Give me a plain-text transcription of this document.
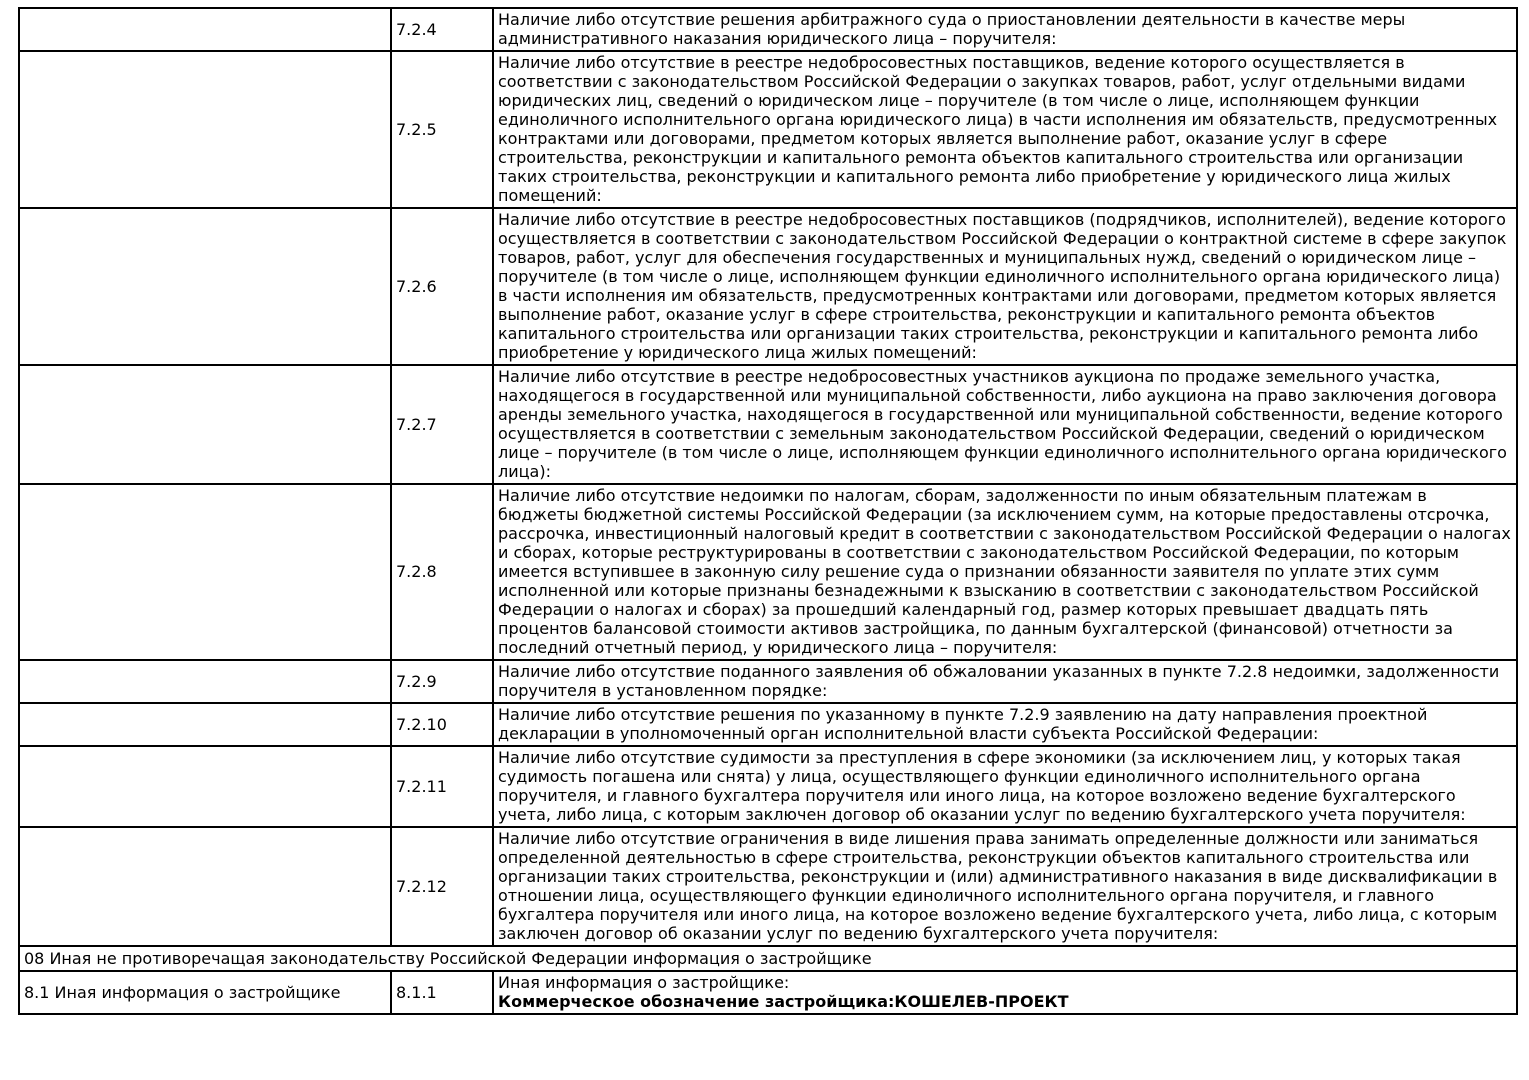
	7.2.4	Наличие либо отсутствие решения арбитражного суда о приостановлении деятельности в качестве меры административного наказания юридического лица – поручителя:
	7.2.5	Наличие либо отсутствие в реестре недобросовестных поставщиков, ведение которого осуществляется в соответствии с законодательством Российской Федерации о закупках товаров, работ, услуг отдельными видами юридических лиц, сведений о юридическом лице – поручителе (в том числе о лице, исполняющем функции единоличного исполнительного органа юридического лица) в части исполнения им обязательств, предусмотренных контрактами или договорами, предметом которых является выполнение работ, оказание услуг в сфере строительства, реконструкции и капитального ремонта объектов капитального строительства или организации таких строительства, реконструкции и капитального ремонта либо приобретение у юридического лица жилых помещений:
	7.2.6	Наличие либо отсутствие в реестре недобросовестных поставщиков (подрядчиков, исполнителей), ведение которого осуществляется в соответствии с законодательством Российской Федерации о контрактной системе в сфере закупок товаров, работ, услуг для обеспечения государственных и муниципальных нужд, сведений о юридическом лице – поручителе (в том числе о лице, исполняющем функции единоличного исполнительного органа юридического лица) в части исполнения им обязательств, предусмотренных контрактами или договорами, предметом которых является выполнение работ, оказание услуг в сфере строительства, реконструкции и капитального ремонта объектов капитального строительства или организации таких строительства, реконструкции и капитального ремонта либо приобретение у юридического лица жилых помещений:
	7.2.7	Наличие либо отсутствие в реестре недобросовестных участников аукциона по продаже земельного участка, находящегося в государственной или муниципальной собственности, либо аукциона на право заключения договора аренды земельного участка, находящегося в государственной или муниципальной собственности, ведение которого осуществляется в соответствии с земельным законодательством Российской Федерации, сведений о юридическом лице – поручителе (в том числе о лице, исполняющем функции единоличного исполнительного органа юридического лица):
	7.2.8	Наличие либо отсутствие недоимки по налогам, сборам, задолженности по иным обязательным платежам в бюджеты бюджетной системы Российской Федерации (за исключением сумм, на которые предоставлены отсрочка, рассрочка, инвестиционный налоговый кредит в соответствии с законодательством Российской Федерации о налогах и сборах, которые реструктурированы в соответствии с законодательством Российской Федерации, по которым имеется вступившее в законную силу решение суда о признании обязанности заявителя по уплате этих сумм исполненной или которые признаны безнадежными к взысканию в соответствии с законодательством Российской Федерации о налогах и сборах) за прошедший календарный год, размер которых превышает двадцать пять процентов балансовой стоимости активов застройщика, по данным бухгалтерской (финансовой) отчетности за последний отчетный период, у юридического лица – поручителя:
	7.2.9	Наличие либо отсутствие поданного заявления об обжаловании указанных в пункте 7.2.8 недоимки, задолженности поручителя в установленном порядке:
	7.2.10	Наличие либо отсутствие решения по указанному в пункте 7.2.9 заявлению на дату направления проектной декларации в уполномоченный орган исполнительной власти субъекта Российской Федерации:
	7.2.11	Наличие либо отсутствие судимости за преступления в сфере экономики (за исключением лиц, у которых такая судимость погашена или снята) у лица, осуществляющего функции единоличного исполнительного органа поручителя, и главного бухгалтера поручителя или иного лица, на которое возложено ведение бухгалтерского учета, либо лица, с которым заключен договор об оказании услуг по ведению бухгалтерского учета поручителя:
	7.2.12	Наличие либо отсутствие ограничения в виде лишения права занимать определенные должности или заниматься определенной деятельностью в сфере строительства, реконструкции объектов капитального строительства или организации таких строительства, реконструкции и (или) административного наказания в виде дисквалификации в отношении лица, осуществляющего функции единоличного исполнительного органа поручителя, и главного бухгалтера поручителя или иного лица, на которое возложено ведение бухгалтерского учета, либо лица, с которым заключен договор об оказании услуг по ведению бухгалтерского учета поручителя:
08 Иная не противоречащая законодательству Российской Федерации информация о застройщике		
8.1 Иная информация о застройщике	8.1.1	Иная информация о застройщике:
Коммерческое обозначение застройщика:КОШЕЛЕВ-ПРОЕКТ
